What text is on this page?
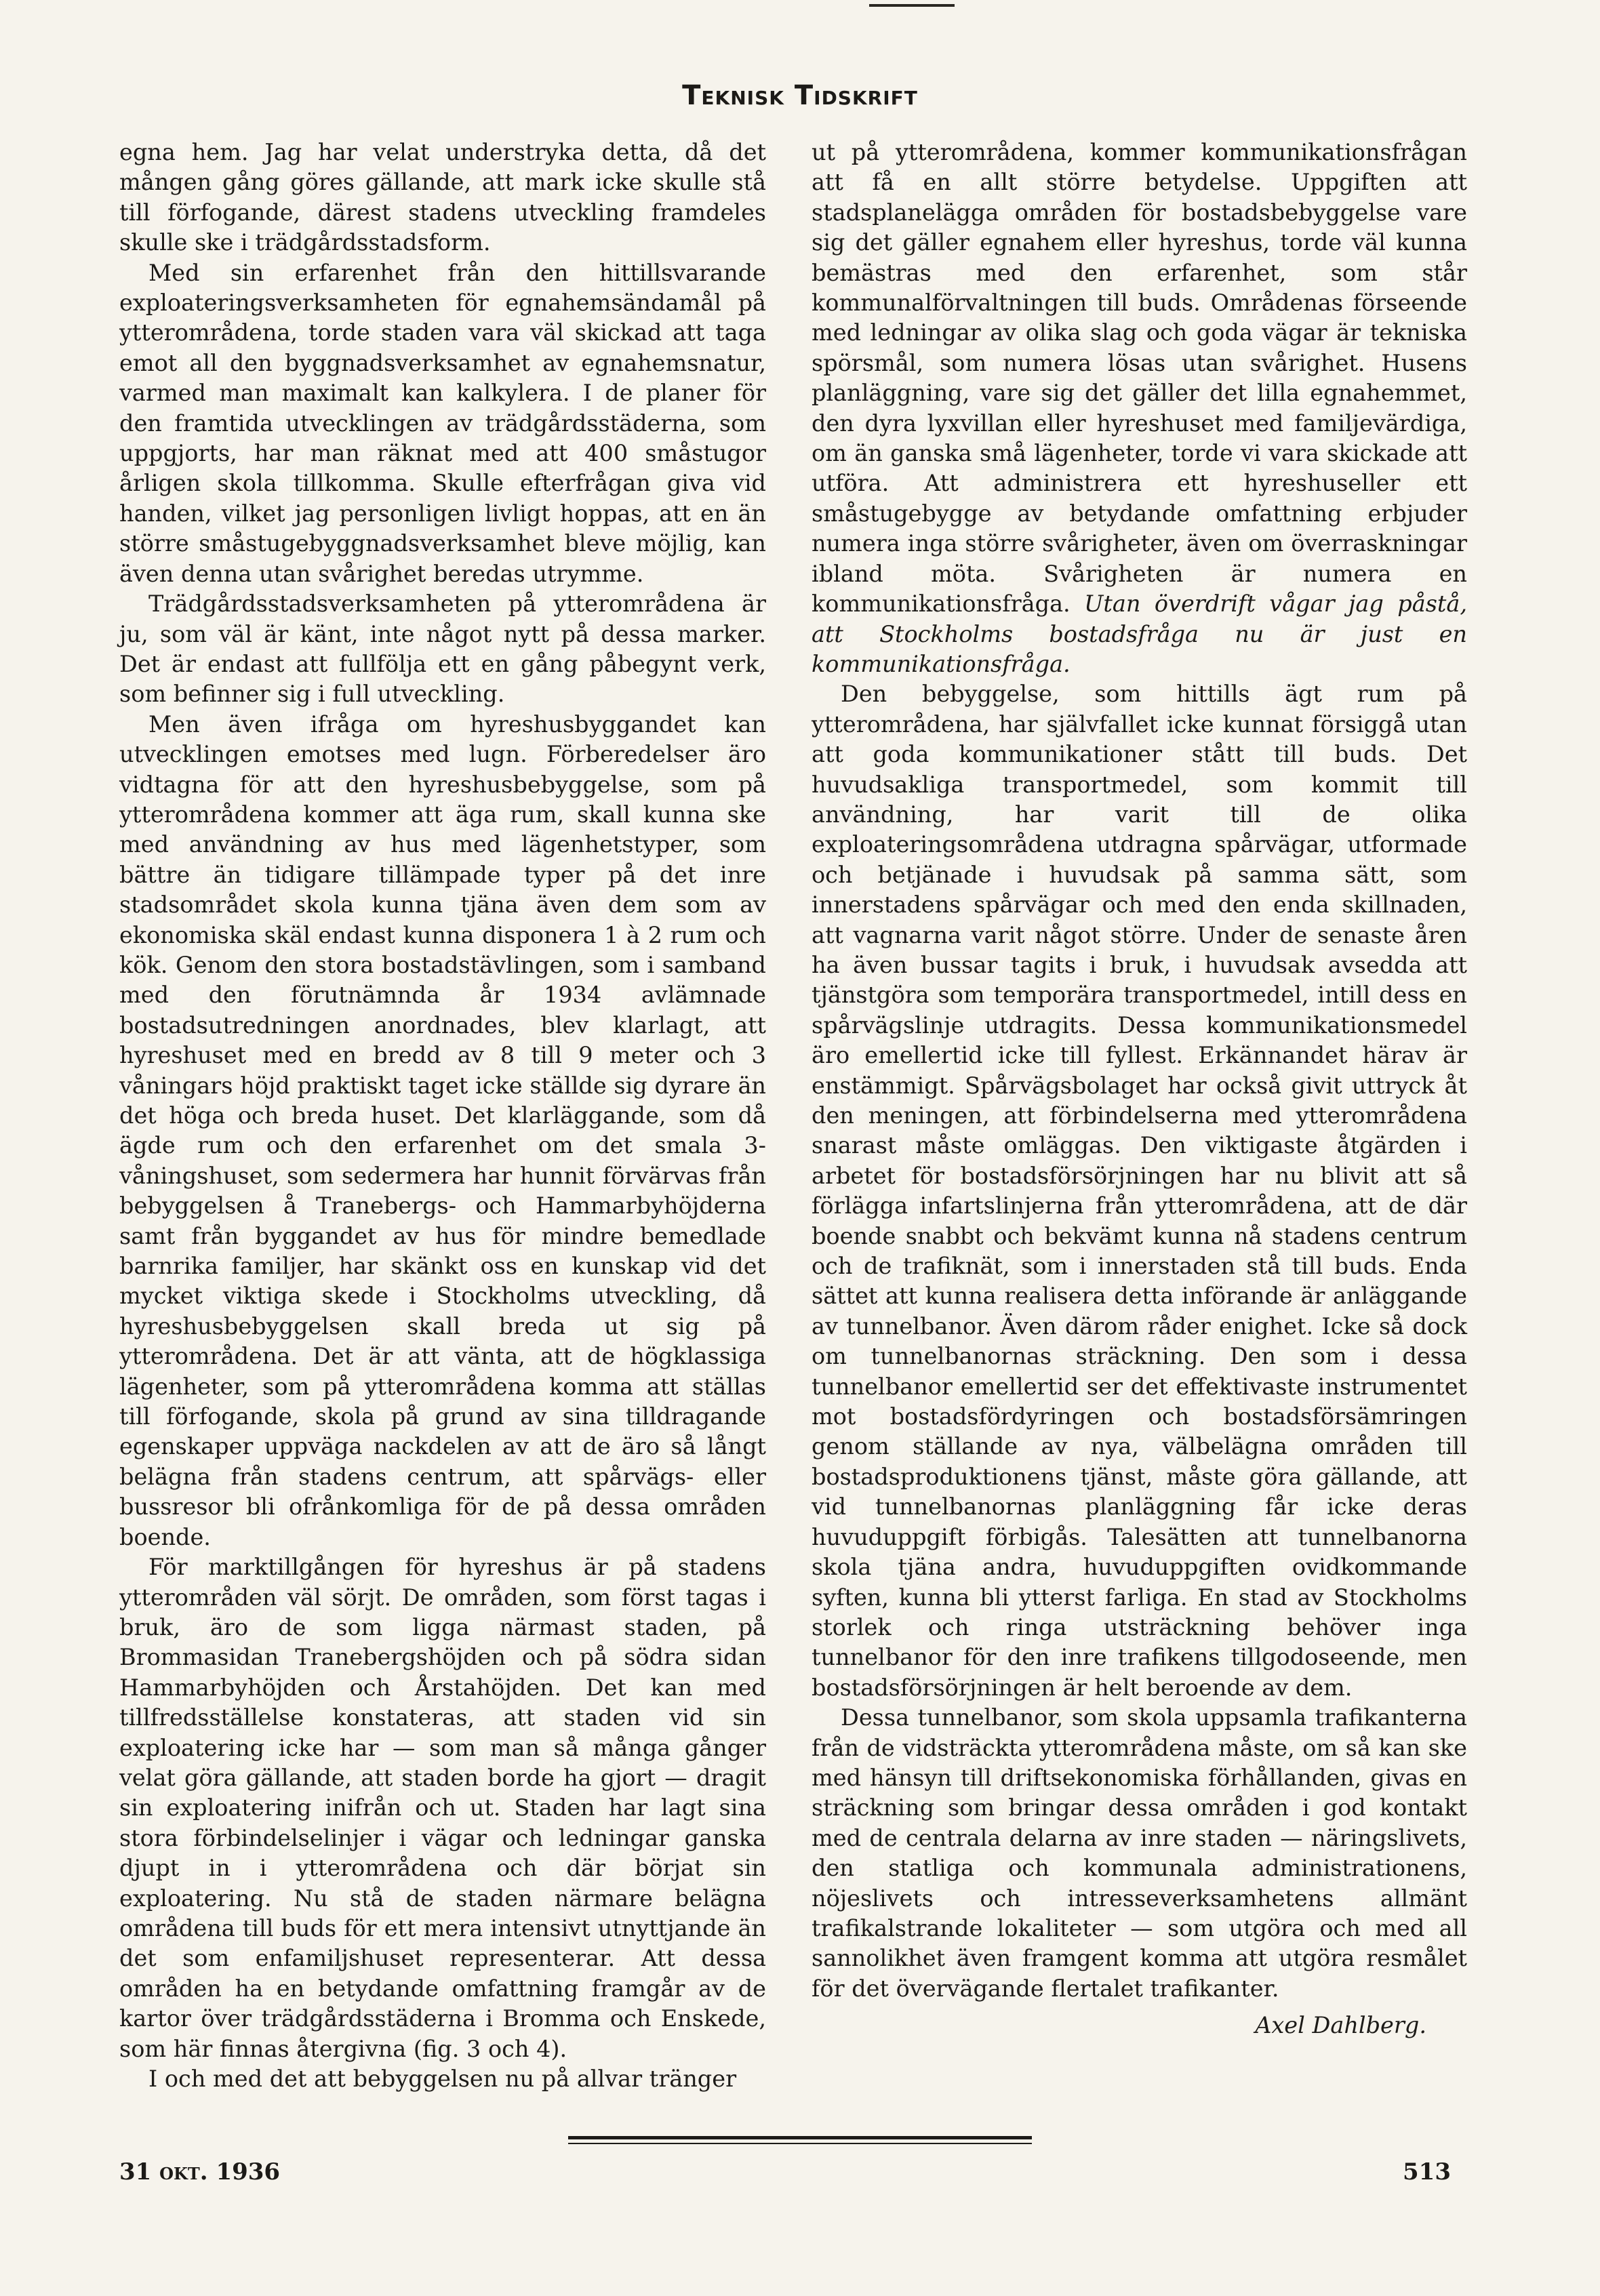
Teknisk Tidskrift

egna hem. Jag har velat understryka detta, då det mången gång göres gällande, att mark icke skulle stå till förfogande, därest stadens utveckling framdeles skulle ske i trädgårdsstadsform.

Med sin erfarenhet från den hittillsvarande exploateringsverksamheten för egnahemsändamål på ytterområdena, torde staden vara väl skickad att taga emot all den byggnadsverksamhet av egnahemsnatur, varmed man maximalt kan kalkylera. I de planer för den framtida utvecklingen av trädgårdsstäderna, som uppgjorts, har man räknat med att 400 småstugor årligen skola tillkomma. Skulle efterfrågan giva vid handen, vilket jag personligen livligt hoppas, att en än större småstugebyggnadsverksamhet bleve möjlig, kan även denna utan svårighet beredas utrymme.

Trädgårdsstadsverksamheten på ytterområdena är ju, som väl är känt, inte något nytt på dessa marker. Det är endast att fullfölja ett en gång påbegynt verk, som befinner sig i full utveckling.

Men även ifråga om hyreshusbyggandet kan utvecklingen emotses med lugn. Förberedelser äro vidtagna för att den hyreshusbebyggelse, som på ytterområdena kommer att äga rum, skall kunna ske med användning av hus med lägenhetstyper, som bättre än tidigare tillämpade typer på det inre stadsområdet skola kunna tjäna även dem som av ekonomiska skäl endast kunna disponera 1 à 2 rum och kök. Genom den stora bostadstävlingen, som i samband med den förutnämnda år 1934 avlämnade bostadsutredningen anordnades, blev klarlagt, att hyreshuset med en bredd av 8 till 9 meter och 3 våningars höjd praktiskt taget icke ställde sig dyrare än det höga och breda huset. Det klarläggande, som då ägde rum och den erfarenhet om det smala 3-våningshuset, som sedermera har hunnit förvärvas från bebyggelsen å Tranebergs- och Hammarbyhöjderna samt från byggandet av hus för mindre bemedlade barnrika familjer, har skänkt oss en kunskap vid det mycket viktiga skede i Stockholms utveckling, då hyreshusbebyggelsen skall breda ut sig på ytterområdena. Det är att vänta, att de högklassiga lägenheter, som på ytterområdena komma att ställas till förfogande, skola på grund av sina tilldragande egenskaper uppväga nackdelen av att de äro så långt belägna från stadens centrum, att spårvägs- eller bussresor bli ofrånkomliga för de på dessa områden boende.

För marktillgången för hyreshus är på stadens ytterområden väl sörjt. De områden, som först tagas i bruk, äro de som ligga närmast staden, på Brommasidan Tranebergshöjden och på södra sidan Hammarbyhöjden och Årstahöjden. Det kan med tillfredsställelse konstateras, att staden vid sin exploatering icke har — som man så många gånger velat göra gällande, att staden borde ha gjort — dragit sin exploatering inifrån och ut. Staden har lagt sina stora förbindelselinjer i vägar och ledningar ganska djupt in i ytterområdena och där börjat sin exploatering. Nu stå de staden närmare belägna områdena till buds för ett mera intensivt utnyttjande än det som enfamiljshuset representerar. Att dessa områden ha en betydande omfattning framgår av de kartor över trädgårdsstäderna i Bromma och Enskede, som här finnas återgivna (fig. 3 och 4).

I och med det att bebyggelsen nu på allvar tränger

ut på ytterområdena, kommer kommunikationsfrågan att få en allt större betydelse. Uppgiften att stadsplanelägga områden för bostadsbebyggelse vare sig det gäller egnahem eller hyreshus, torde väl kunna bemästras med den erfarenhet, som står kommunalförvaltningen till buds. Områdenas förseende med ledningar av olika slag och goda vägar är tekniska spörsmål, som numera lösas utan svårighet. Husens planläggning, vare sig det gäller det lilla egnahemmet, den dyra lyxvillan eller hyreshuset med familjevärdiga, om än ganska små lägenheter, torde vi vara skickade att utföra. Att administrera ett hyreshuseller ett småstugebygge av betydande omfattning erbjuder numera inga större svårigheter, även om överraskningar ibland möta. Svårigheten är numera en kommunikationsfråga. Utan överdrift vågar jag påstå, att Stockholms bostadsfråga nu är just en kommunikationsfråga.

Den bebyggelse, som hittills ägt rum på ytterområdena, har självfallet icke kunnat försiggå utan att goda kommunikationer stått till buds. Det huvudsakliga transportmedel, som kommit till användning, har varit till de olika exploateringsområdena utdragna spårvägar, utformade och betjänade i huvudsak på samma sätt, som innerstadens spårvägar och med den enda skillnaden, att vagnarna varit något större. Under de senaste åren ha även bussar tagits i bruk, i huvudsak avsedda att tjänstgöra som temporära transportmedel, intill dess en spårvägslinje utdragits. Dessa kommunikationsmedel äro emellertid icke till fyllest. Erkännandet härav är enstämmigt. Spårvägsbolaget har också givit uttryck åt den meningen, att förbindelserna med ytterområdena snarast måste omläggas. Den viktigaste åtgärden i arbetet för bostadsförsörjningen har nu blivit att så förlägga infartslinjerna från ytterområdena, att de där boende snabbt och bekvämt kunna nå stadens centrum och de trafiknät, som i innerstaden stå till buds. Enda sättet att kunna realisera detta införande är anläggande av tunnelbanor. Även därom råder enighet. Icke så dock om tunnelbanornas sträckning. Den som i dessa tunnelbanor emellertid ser det effektivaste instrumentet mot bostadsfördyringen och bostadsförsämringen genom ställande av nya, välbelägna områden till bostadsproduktionens tjänst, måste göra gällande, att vid tunnelbanornas planläggning får icke deras huvuduppgift förbigås. Talesätten att tunnelbanorna skola tjäna andra, huvuduppgiften ovidkommande syften, kunna bli ytterst farliga. En stad av Stockholms storlek och ringa utsträckning behöver inga tunnelbanor för den inre trafikens tillgodoseende, men bostadsförsörjningen är helt beroende av dem.

Dessa tunnelbanor, som skola uppsamla trafikanterna från de vidsträckta ytterområdena måste, om så kan ske med hänsyn till driftsekonomiska förhållanden, givas en sträckning som bringar dessa områden i god kontakt med de centrala delarna av inre staden — näringslivets, den statliga och kommunala administrationens, nöjeslivets och intresseverksamhetens allmänt trafikalstrande lokaliteter — som utgöra och med all sannolikhet även framgent komma att utgöra resmålet för det övervägande flertalet trafikanter.

Axel Dahlberg.
31 okt. 1936	513
